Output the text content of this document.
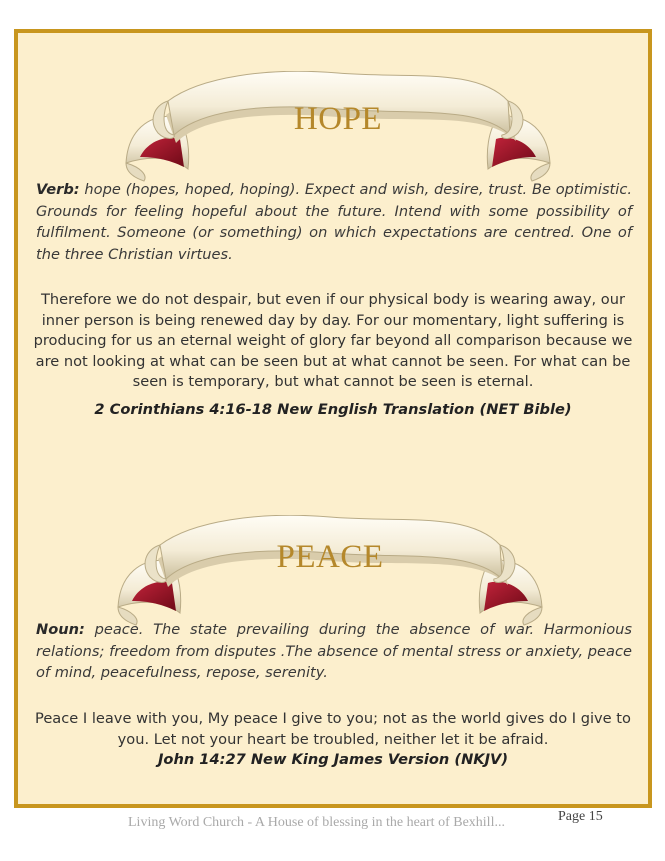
HOPE
Verb: hope (hopes, hoped, hoping). Expect and wish, desire, trust. Be optimistic. Grounds for feeling hopeful about the future. Intend with some possibility of fulfilment. Someone (or something) on which expectations are centred. One of the three Christian virtues.
Therefore we do not despair, but even if our physical body is wearing away, our inner person is being renewed day by day. For our momentary, light suffering is producing for us an eternal weight of glory far beyond all comparison because we are not looking at what can be seen but at what cannot be seen. For what can be seen is temporary, but what cannot be seen is eternal.
2 Corinthians 4:16-18 New English Translation (NET Bible)
PEACE
Noun: peace. The state prevailing during the absence of war. Harmonious relations; freedom from disputes .The absence of mental stress or anxiety, peace of mind, peacefulness, repose, serenity.
Peace I leave with you, My peace I give to you; not as the world gives do I give to you. Let not your heart be troubled, neither let it be afraid.
John 14:27 New King James Version (NKJV)
Living Word Church - A House of blessing in the heart of Bexhill...	Page 15
